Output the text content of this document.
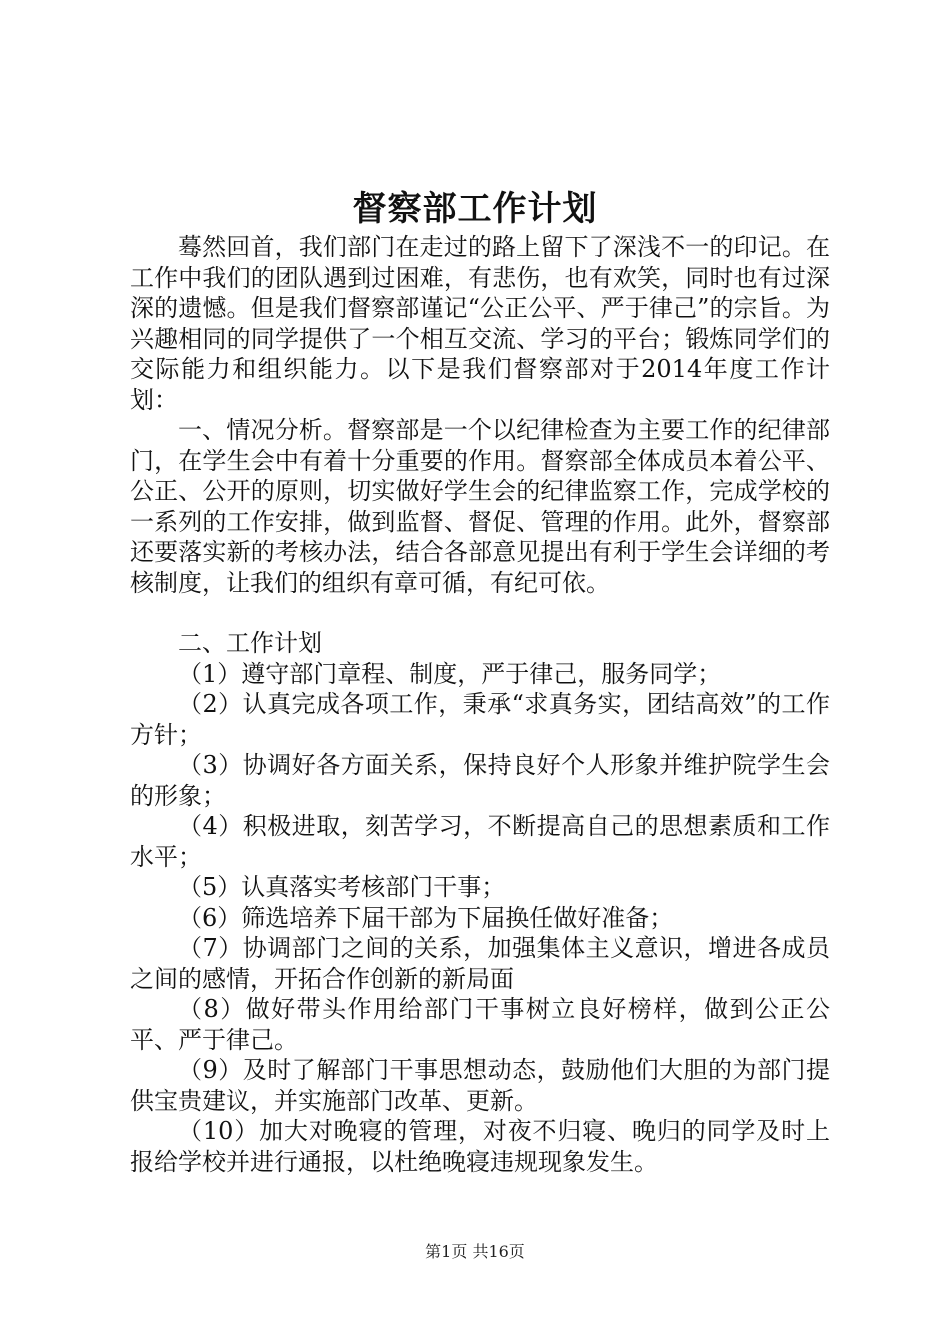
督察部工作计划

蓦然回首，我们部门在走过的路上留下了深浅不一的印记。在工作中我们的团队遇到过困难，有悲伤，也有欢笑，同时也有过深深的遗憾。但是我们督察部谨记“公正公平、严于律己”的宗旨。为兴趣相同的同学提供了一个相互交流、学习的平台；锻炼同学们的交际能力和组织能力。以下是我们督察部对于2014年度工作计划：

一、情况分析。督察部是一个以纪律检查为主要工作的纪律部门，在学生会中有着十分重要的作用。督察部全体成员本着公平、公正、公开的原则，切实做好学生会的纪律监察工作，完成学校的一系列的工作安排，做到监督、督促、管理的作用。此外，督察部还要落实新的考核办法，结合各部意见提出有利于学生会详细的考核制度，让我们的组织有章可循，有纪可依。

二、工作计划

（1）遵守部门章程、制度，严于律己，服务同学；

（2）认真完成各项工作，秉承“求真务实，团结高效”的工作方针；

（3）协调好各方面关系，保持良好个人形象并维护院学生会的形象；

（4）积极进取，刻苦学习，不断提高自己的思想素质和工作水平；

（5）认真落实考核部门干事；

（6）筛选培养下届干部为下届换任做好准备；

（7）协调部门之间的关系，加强集体主义意识，增进各成员之间的感情，开拓合作创新的新局面

（8）做好带头作用给部门干事树立良好榜样，做到公正公平、严于律己。

（9）及时了解部门干事思想动态，鼓励他们大胆的为部门提供宝贵建议，并实施部门改革、更新。

（10）加大对晚寝的管理，对夜不归寝、晚归的同学及时上报给学校并进行通报，以杜绝晚寝违规现象发生。

第1页 共16页
